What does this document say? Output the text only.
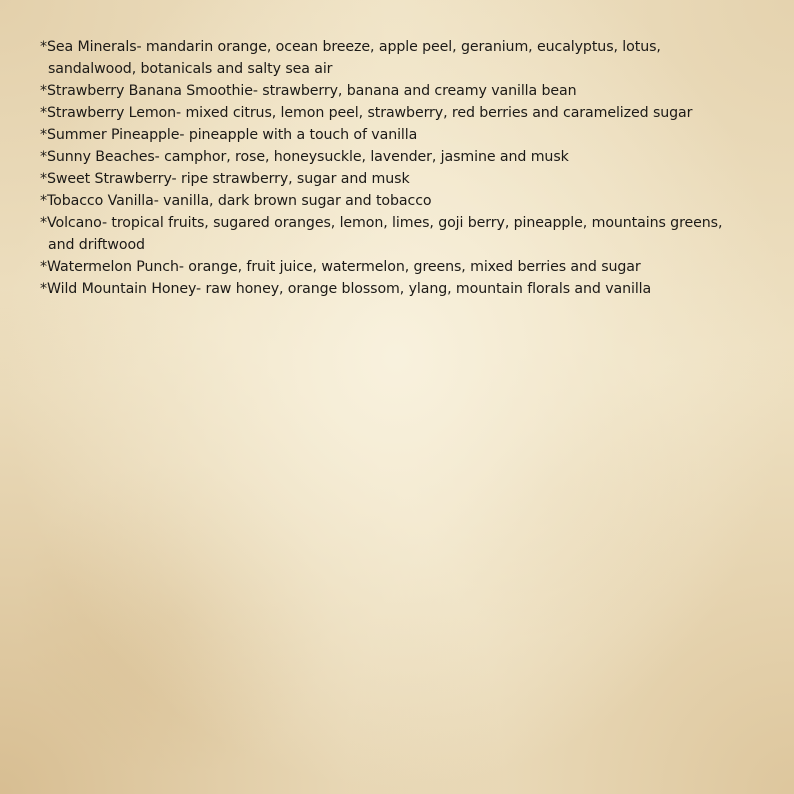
*Sea Minerals- mandarin orange, ocean breeze, apple peel, geranium, eucalyptus, lotus,
sandalwood, botanicals and salty sea air
*Strawberry Banana Smoothie- strawberry, banana and creamy vanilla bean
*Strawberry Lemon- mixed citrus, lemon peel, strawberry, red berries and caramelized sugar
*Summer Pineapple- pineapple with a touch of vanilla
*Sunny Beaches- camphor, rose, honeysuckle, lavender, jasmine and musk
*Sweet Strawberry- ripe strawberry, sugar and musk
*Tobacco Vanilla- vanilla, dark brown sugar and tobacco
*Volcano- tropical fruits, sugared oranges, lemon, limes, goji berry, pineapple, mountains greens,
and driftwood
*Watermelon Punch- orange, fruit juice, watermelon, greens, mixed berries and sugar
*Wild Mountain Honey- raw honey, orange blossom, ylang, mountain florals and vanilla
